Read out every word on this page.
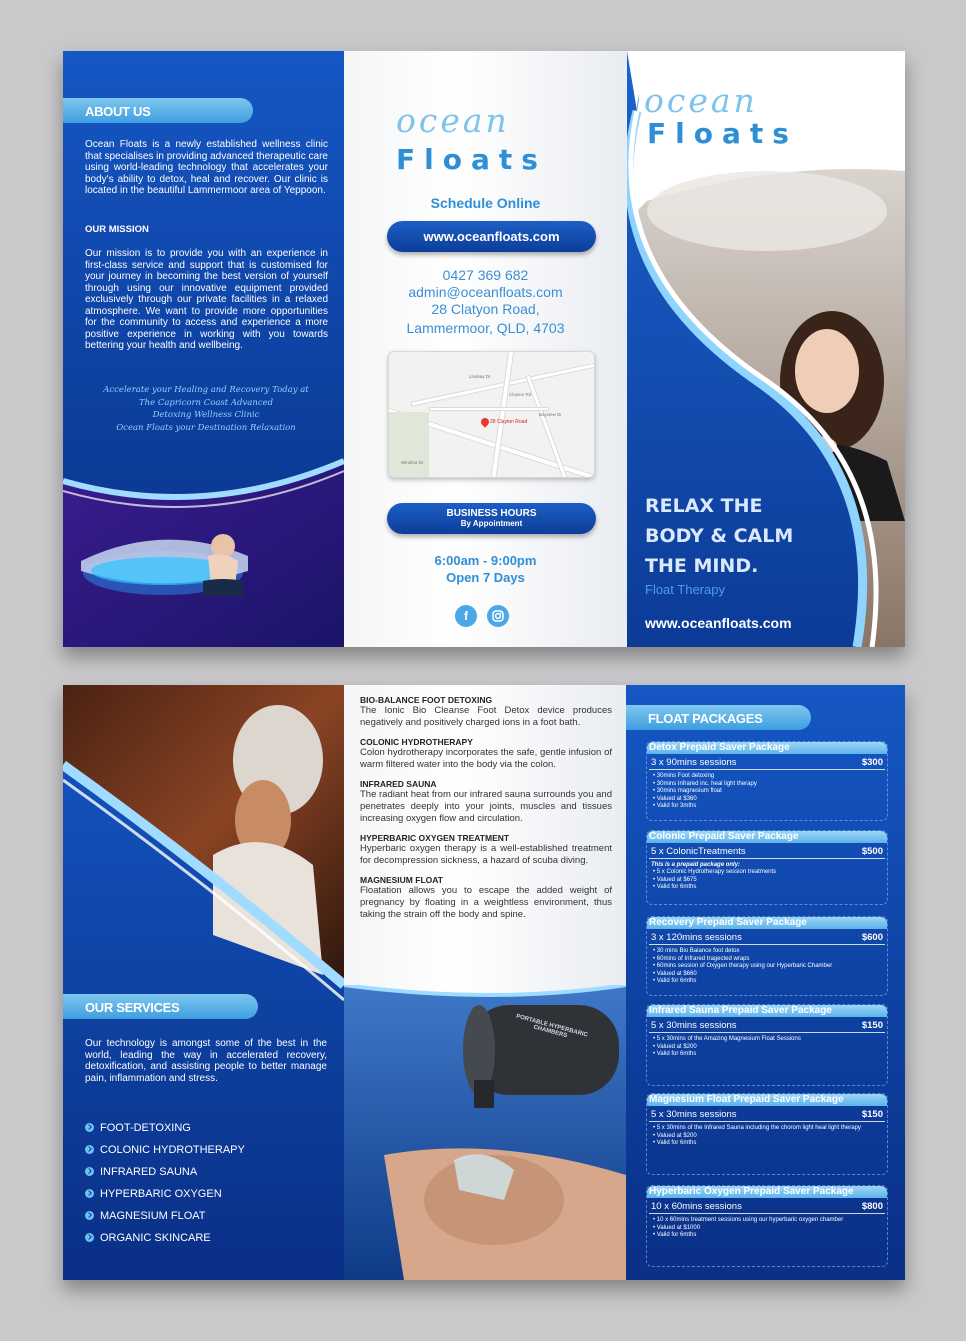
ABOUT US
Ocean Floats is a newly established wellness clinic that specialises in providing advanced therapeutic care using world-leading technology that accelerates your body's ability to detox, heal and recover. Our clinic is located in the beautiful Lammermoor area of Yeppoon.
OUR MISSION
Our mission is to provide you with an experience in first-class service and support that is customised for your journey in becoming the best version of yourself through using our innovative equipment provided exclusively through our private facilities in a relaxed atmosphere. We want to provide more opportunities for the community to access and experience a more positive experience in working with you towards bettering your health and wellbeing.
Accelerate your Healing and Recovery Today at
The Capricorn Coast Advanced
Detoxing Wellness Clinic
Ocean Floats your Destination Relaxation
ocean
Floats
Schedule Online
www.oceanfloats.com
0427 369 682
admin@oceanfloats.com
28 Clatyon Road,
Lammermoor, QLD, 4703
Lindsay Dr
Bayview Dr
Clayton Rd
Windsor Dr
28 Clayton Road
BUSINESS HOURS
By Appointment
6:00am - 9:00pm
Open 7 Days
f
ocean
Floats
RELAX THE
BODY & CALM
THE MIND.
Float Therapy
www.oceanfloats.com
OUR SERVICES
Our technology is amongst some of the best in the world, leading the way in accelerated recovery, detoxification, and assisting people to better manage pain, inflammation and stress.
FOOT-DETOXING
COLONIC HYDROTHERAPY
INFRARED SAUNA
HYPERBARIC OXYGEN
MAGNESIUM FLOAT
ORGANIC SKINCARE
BIO-BALANCE FOOT DETOXING
The Ionic Bio Cleanse Foot Detox device produces negatively and positively charged ions in a foot bath.
COLONIC HYDROTHERAPY
Colon hydrotherapy incorporates the safe, gentle infusion of warm filtered water into the body via the colon.
INFRARED SAUNA
The radiant heat from our infrared sauna surrounds you and penetrates deeply into your joints, muscles and tissues increasing oxygen flow and circulation.
HYPERBARIC OXYGEN TREATMENT
Hyperbaric oxygen therapy is a well-established treatment for decompression sickness, a hazard of scuba diving.
MAGNESIUM FLOAT
Floatation allows you to escape the added weight of pregnancy by floating in a weightless environment, thus taking the strain off the body and spine.
PORTABLE HYPERBARIC CHAMBERS
FLOAT PACKAGES
Detox Prepaid Saver Package
3 x 90mins sessions	$300
• 30mins Foot detoxing
• 30mins Infrared inc. heal light therapy
• 30mins magnesium float
• Valued at $360
• Valid for 3mths
Colonic Prepaid Saver Package
5 x ColonicTreatments	$500
This is a prepaid package only:
• 5 x Colonic Hydrotherapy session treatments
• Valued at $675
• Valid for 6mths
Recovery Prepaid Saver Package
3 x 120mins sessions	$600
• 30 mins Bio Balance foot detox
• 60mins of Infrared tragected wraps
• 60mins session of Oxygen therapy using our Hyperbaric Chamber
• Valued at $660
• Valid for 6mths
Infrared Sauna Prepaid Saver Package
5 x 30mins sessions	$150
• 5 x 30mins of the Amazing Magnesium Float Sessions
• Valued at $200
• Valid for 6mths
Magnesium Float Prepaid Saver Package
5 x 30mins sessions	$150
• 5 x 30mins of the Infrared Sauna including the chorom light heal light therapy
• Valued at $200
• Valid for 6mths
Hyperbaric Oxygen Prepaid Saver Package
10 x 60mins sessions	$800
• 10 x 60mins treatment sessions using our hyperbaric oxygen chamber
• Valued at $1000
• Valid for 6mths
